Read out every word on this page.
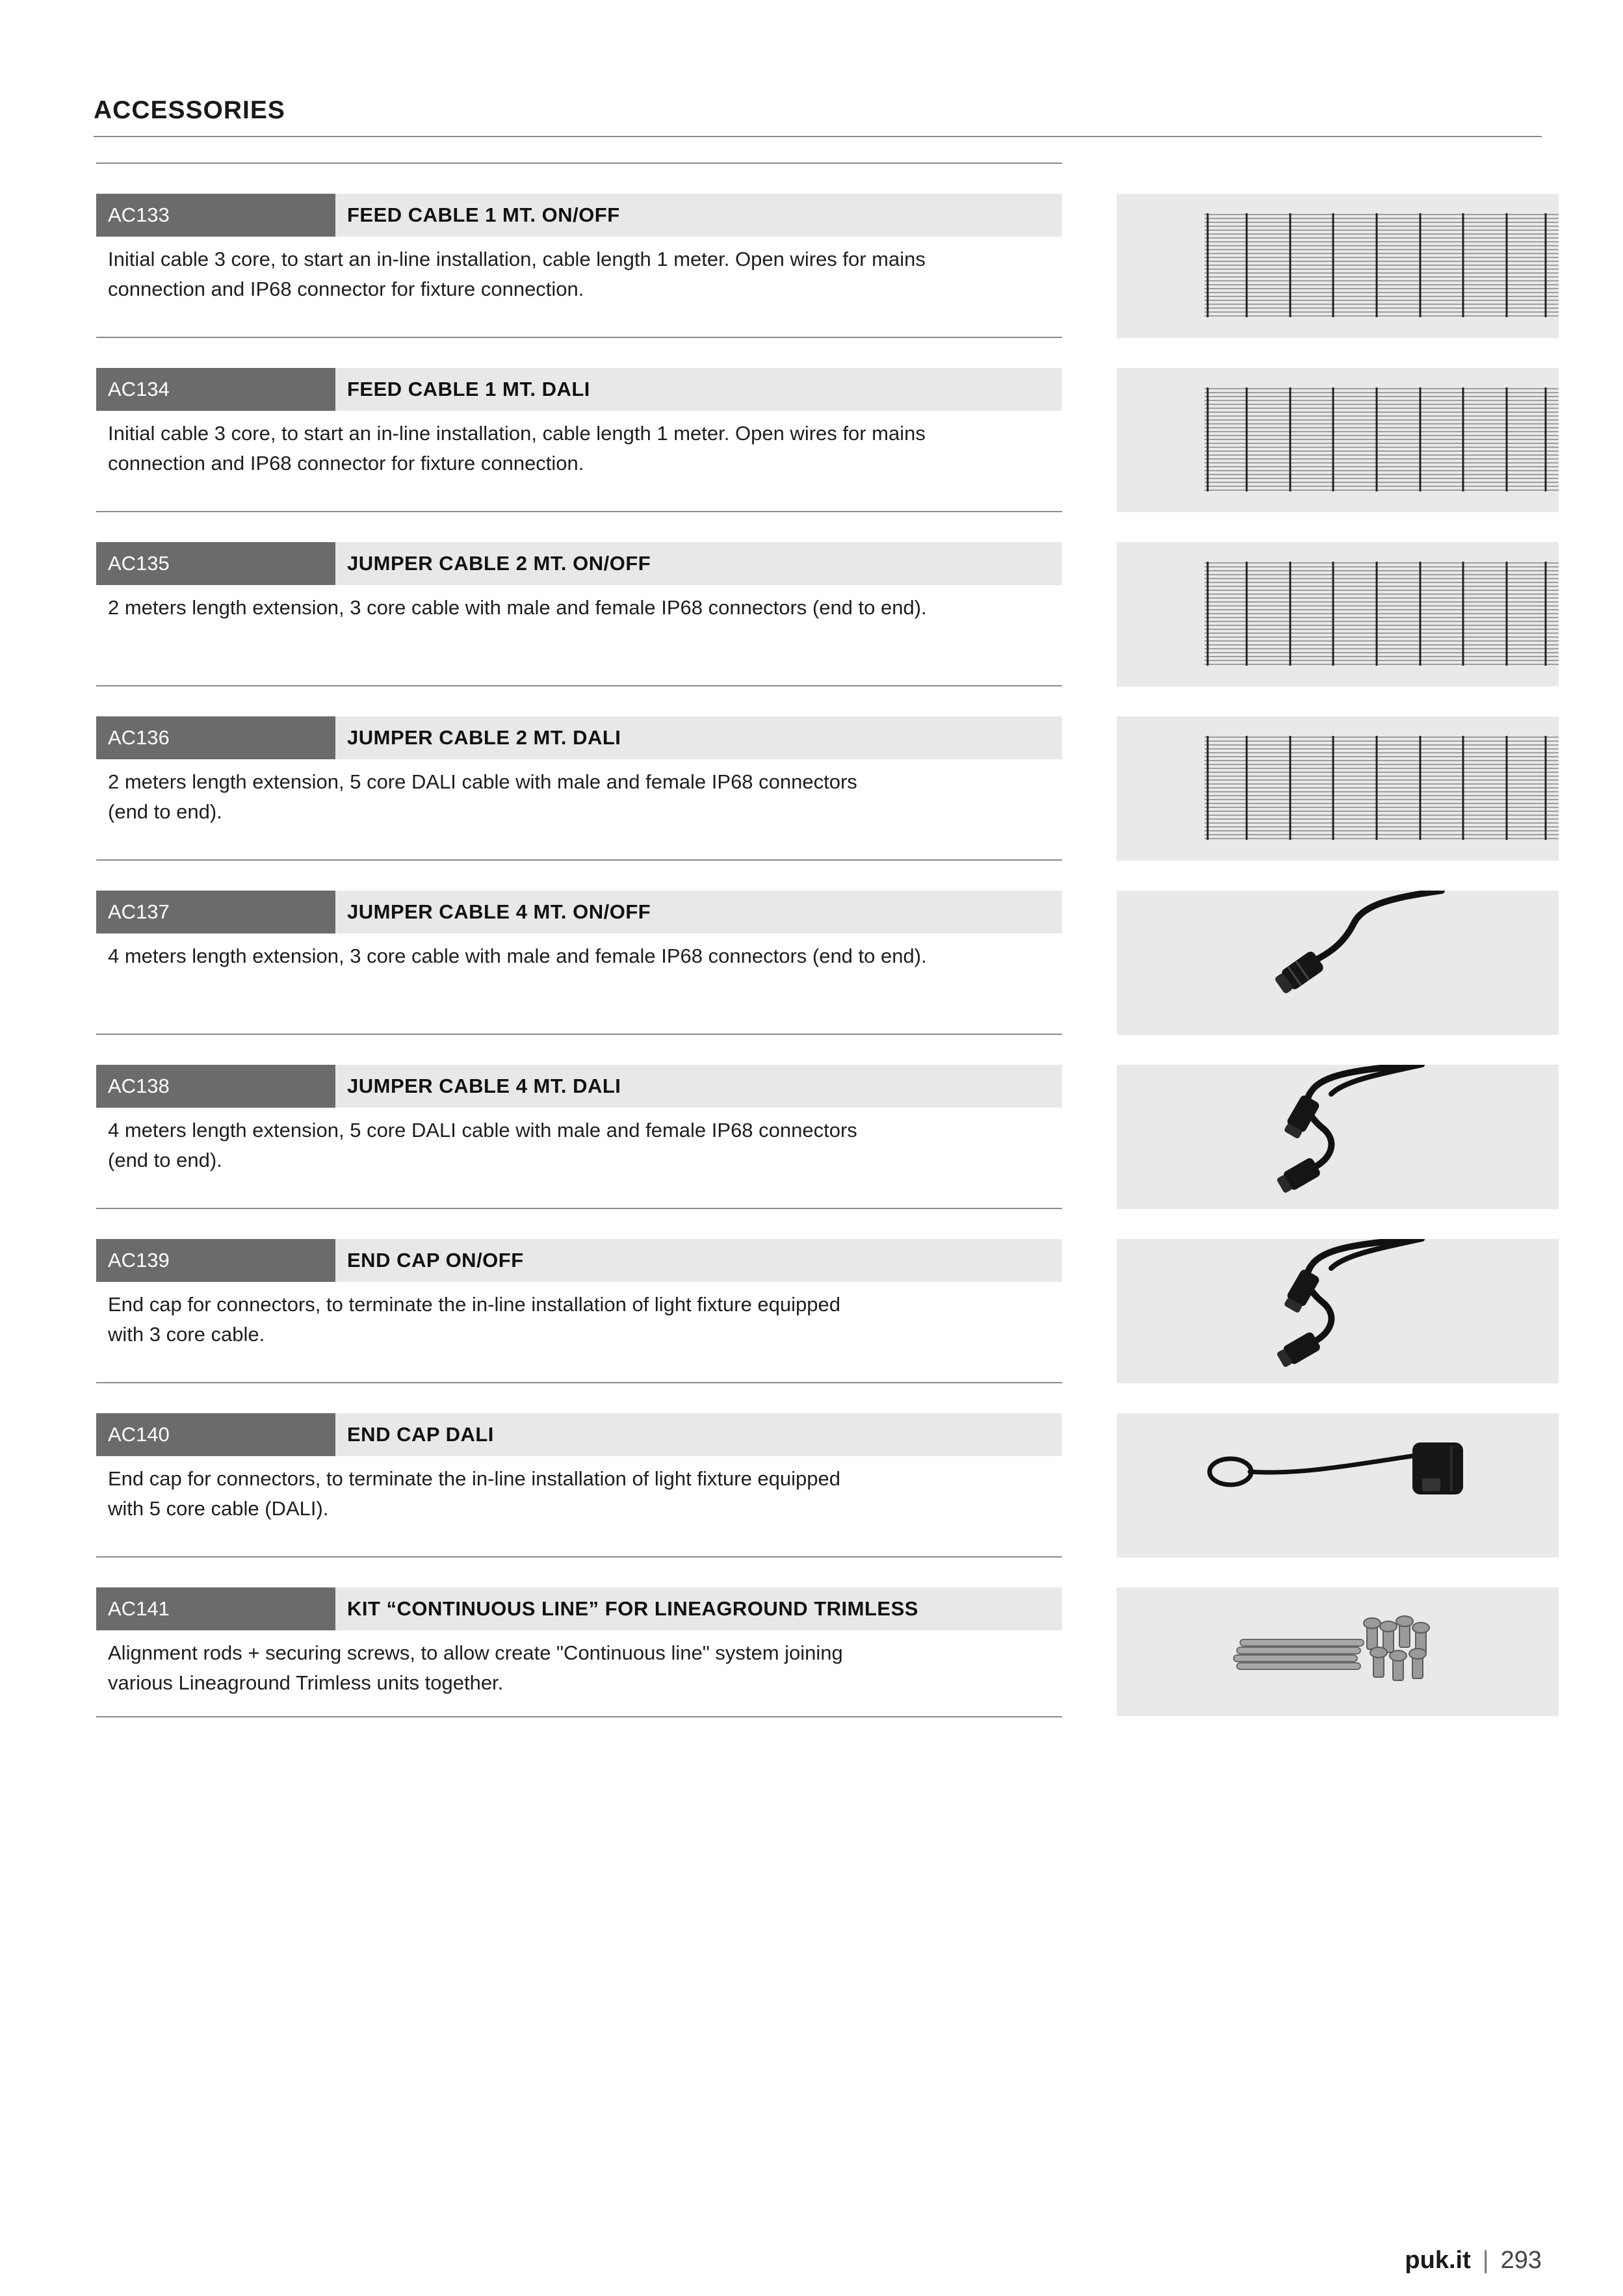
ACCESSORIES
AC133	FEED CABLE 1 MT. ON/OFF

Initial cable 3 core, to start an in-line installation, cable length 1 meter. Open wires for mains
connection and IP68 connector for fixture connection.

AC134	FEED CABLE 1 MT. DALI

Initial cable 3 core, to start an in-line installation, cable length 1 meter. Open wires for mains
connection and IP68 connector for fixture connection.

AC135	JUMPER CABLE 2 MT. ON/OFF

2 meters length extension, 3 core cable with male and female IP68 connectors (end to end).

AC136	JUMPER CABLE 2 MT. DALI

2 meters length extension, 5 core DALI cable with male and female IP68 connectors
(end to end).

AC137	JUMPER CABLE 4 MT. ON/OFF

4 meters length extension, 3 core cable with male and female IP68 connectors (end to end).

AC138	JUMPER CABLE 4 MT. DALI

4 meters length extension, 5 core DALI cable with male and female IP68 connectors
(end to end).

AC139	END CAP ON/OFF

End cap for connectors, to terminate the in-line installation of light fixture equipped
with 3 core cable.

AC140	END CAP DALI

End cap for connectors, to terminate the in-line installation of light fixture equipped
with 5 core cable (DALI).

AC141	KIT “CONTINUOUS LINE” FOR LINEAGROUND TRIMLESS

Alignment rods + securing screws, to allow create "Continuous line" system joining
various Lineaground Trimless units together.

puk.it | 293
